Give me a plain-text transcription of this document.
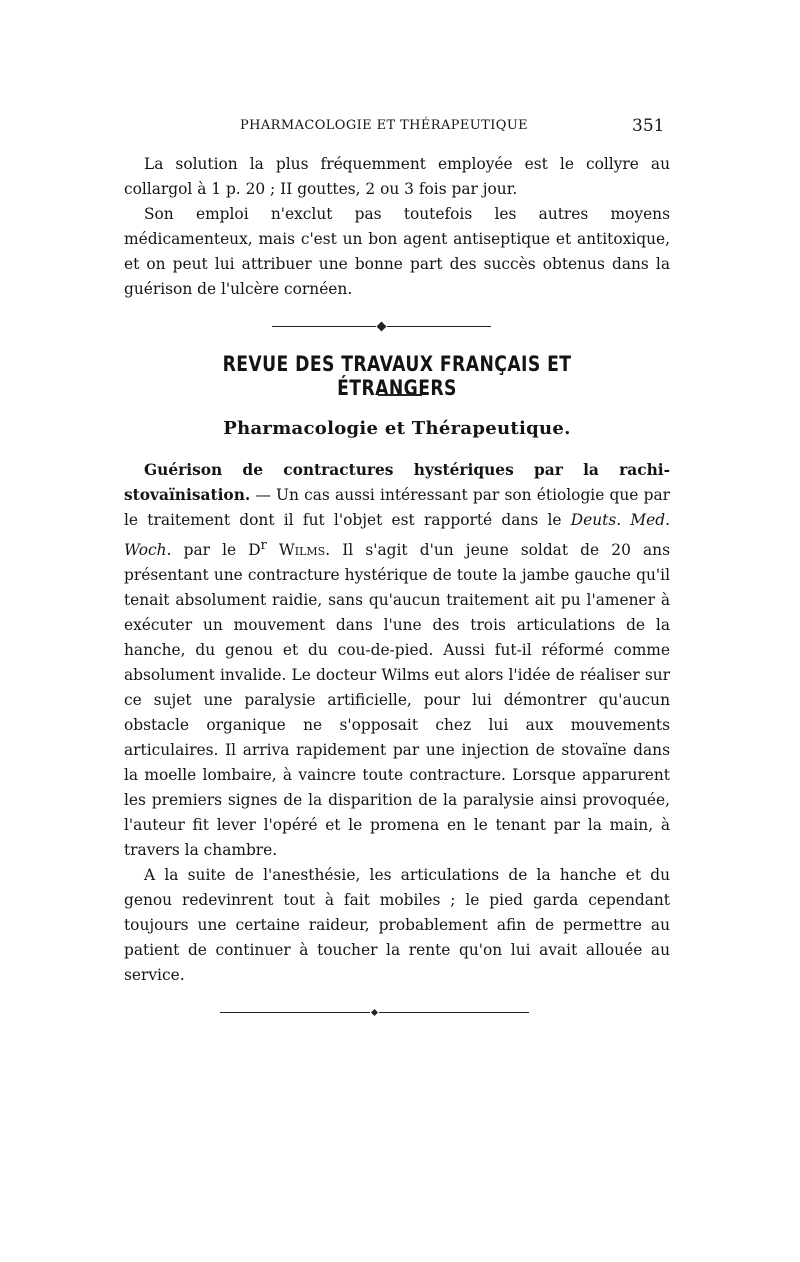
PHARMACOLOGIE ET THÉRAPEUTIQUE	351

La solution la plus fréquemment employée est le collyre au collargol à 1 p. 20 ; II gouttes, 2 ou 3 fois par jour.

Son emploi n'exclut pas toutefois les autres moyens médicamenteux, mais c'est un bon agent antiseptique et antitoxique, et on peut lui attribuer une bonne part des succès obtenus dans la guérison de l'ulcère cornéen.

REVUE DES TRAVAUX FRANÇAIS ET ÉTRANGERS
Pharmacologie et Thérapeutique.

Guérison de contractures hystériques par la rachi-stovaïnisation. — Un cas aussi intéressant par son étiologie que par le traitement dont il fut l'objet est rapporté dans le Deuts. Med. Woch. par le $D^r$ Wilms. Il s'agit d'un jeune soldat de 20 ans présentant une contracture hystérique de toute la jambe gauche qu'il tenait absolument raidie, sans qu'aucun traitement ait pu l'amener à exécuter un mouvement dans l'une des trois articulations de la hanche, du genou et du cou-de-pied. Aussi fut-il réformé comme absolument invalide. Le docteur Wilms eut alors l'idée de réaliser sur ce sujet une paralysie artificielle, pour lui démontrer qu'aucun obstacle organique ne s'opposait chez lui aux mouvements articulaires. Il arriva rapidement par une injection de stovaïne dans la moelle lombaire, à vaincre toute contracture. Lorsque apparurent les premiers signes de la disparition de la paralysie ainsi provoquée, l'auteur fit lever l'opéré et le promena en le tenant par la main, à travers la chambre.

A la suite de l'anesthésie, les articulations de la hanche et du genou redevinrent tout à fait mobiles ; le pied garda cependant toujours une certaine raideur, probablement afin de permettre au patient de continuer à toucher la rente qu'on lui avait allouée au service.
